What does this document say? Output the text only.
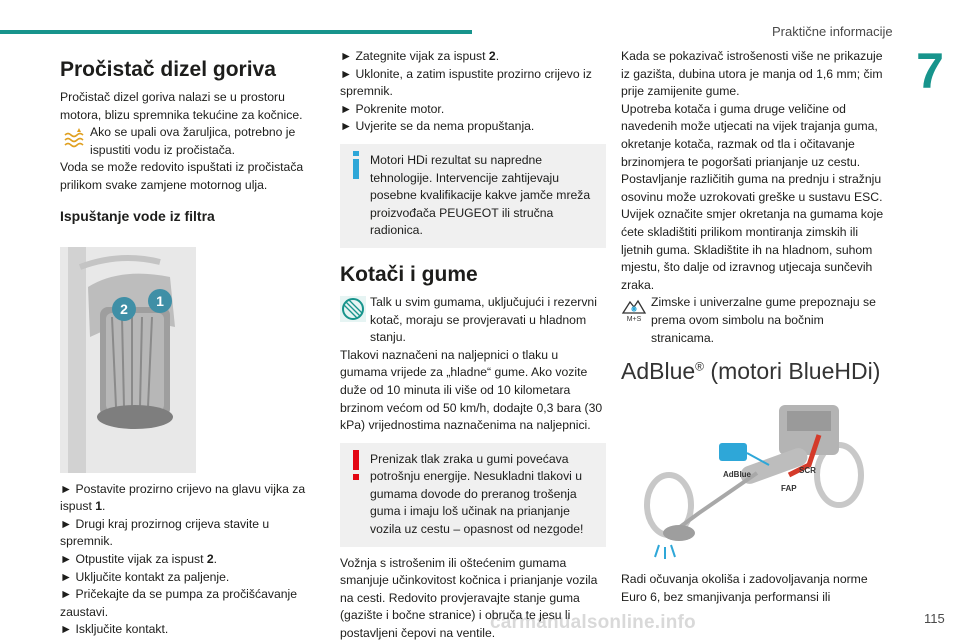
Praktične informacije
7
115
carmanualsonline.info
Pročistač dizel goriva

Pročistač dizel goriva nalazi se u prostoru motora, blizu spremnika tekućine za kočnice.

Ako se upali ova žaruljica, potrebno je ispustiti vodu iz pročistača.

Voda se može redovito ispuštati iz pročistača prilikom svake zamjene motornog ulja.

Ispuštanje vode iz filtra
2 1

► Postavite prozirno crijevo na glavu vijka za ispust 1.

► Drugi kraj prozirnog crijeva stavite u spremnik.

► Otpustite vijak za ispust 2.

► Uključite kontakt za paljenje.

► Pričekajte da se pumpa za pročišćavanje zaustavi.

► Isključite kontakt.

► Zategnite vijak za ispust 2.

► Uklonite, a zatim ispustite prozirno crijevo iz spremnik.

► Pokrenite motor.

► Uvjerite se da nema propuštanja.

Motori HDi rezultat su napredne tehnologije. Intervencije zahtijevaju posebne kvalifikacije kakve jamče mreža proizvođača PEUGEOT ili stručna radionica.

Kotači i gume

Talk u svim gumama, uključujući i rezervni kotač, moraju se provjeravati u hladnom stanju.

Tlakovi naznačeni na naljepnici o tlaku u gumama vrijede za „hladne“ gume. Ako vozite duže od 10 minuta ili više od 10 kilometara brzinom većom od 50 km/h, dodajte 0,3 bara (30 kPa) vrijednostima naznačenima na naljepnici.

Prenizak tlak zraka u gumi povećava potrošnju energije. Nesukladni tlakovi u gumama dovode do preranog trošenja guma i imaju loš učinak na prianjanje vozila uz cestu – opasnost od nezgode!

Vožnja s istrošenim ili oštećenim gumama smanjuje učinkovitost kočnica i prianjanje vozila na cesti. Redovito provjeravajte stanje guma (gazište i bočne stranice) i obruča te jesu li postavljeni čepovi na ventile.

Kada se pokazivač istrošenosti više ne prikazuje iz gazišta, dubina utora je manja od 1,6 mm; čim prije zamijenite gume.

Upotreba kotača i guma druge veličine od navedenih može utjecati na vijek trajanja guma, okretanje kotača, razmak od tla i očitavanje brzinomjera te pogoršati prianjanje uz cestu.

Postavljanje različitih guma na prednju i stražnju osovinu može uzrokovati greške u sustavu ESC.

Uvijek označite smjer okretanja na gumama koje ćete skladištiti prilikom montiranja zimskih ili ljetnih guma. Skladištite ih na hladnom, suhom mjestu, što dalje od izravnog utjecaja sunčevih zraka.

M+S

Zimske i univerzalne gume prepoznaju se prema ovom simbolu na bočnim stranicama.

AdBlue® (motori BlueHDi)
AdBlue	SCR
FAP

Radi očuvanja okoliša i zadovoljavanja norme Euro 6, bez smanjivanja performansi ili
